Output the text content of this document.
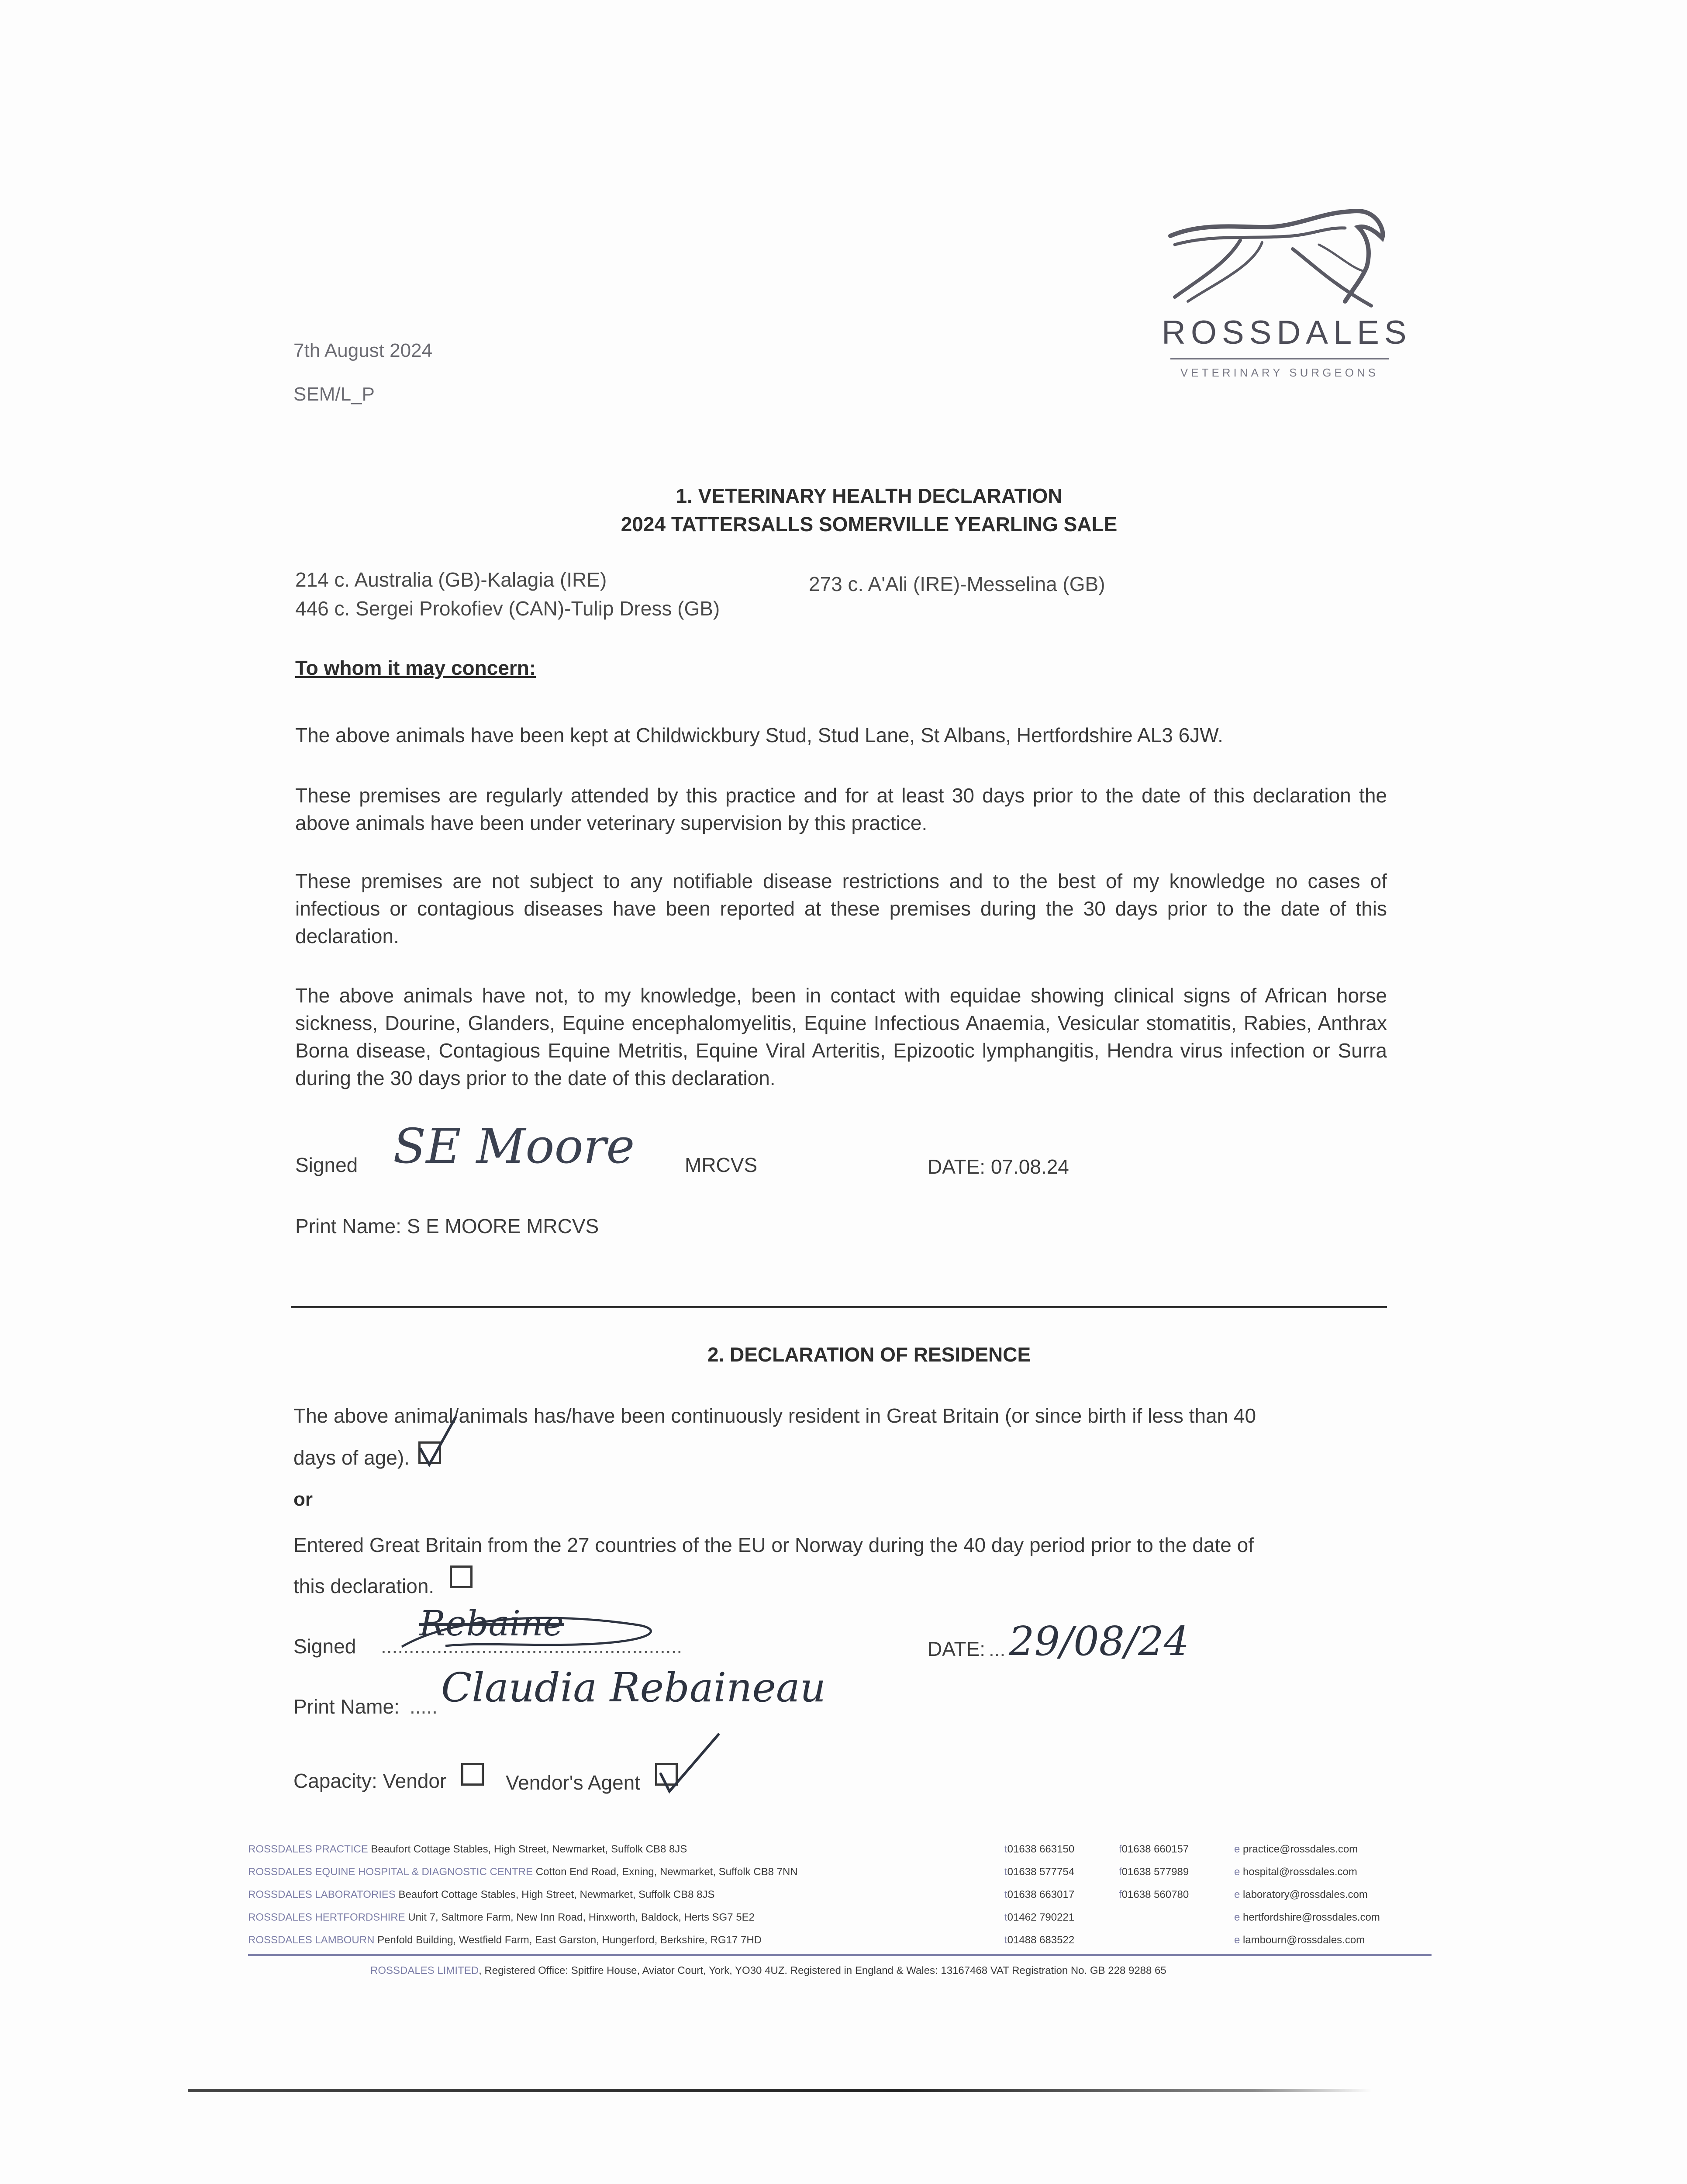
ROSSDALES
VETERINARY SURGEONS
7th August 2024
SEM/L_P
1. VETERINARY HEALTH DECLARATION
2024 TATTERSALLS SOMERVILLE YEARLING SALE
214 c. Australia (GB)-Kalagia (IRE)
446 c. Sergei Prokofiev (CAN)-Tulip Dress (GB)
273 c. A'Ali (IRE)-Messelina (GB)
To whom it may concern:
The above animals have been kept at Childwickbury Stud, Stud Lane, St Albans, Hertfordshire AL3 6JW.
These premises are regularly attended by this practice and for at least 30 days prior to the date of this declaration the above animals have been under veterinary supervision by this practice.
These premises are not subject to any notifiable disease restrictions and to the best of my knowledge no cases of infectious or contagious diseases have been reported at these premises during the 30 days prior to the date of this declaration.
The above animals have not, to my knowledge, been in contact with equidae showing clinical signs of African horse sickness, Dourine, Glanders, Equine encephalomyelitis, Equine Infectious Anaemia, Vesicular stomatitis, Rabies, Anthrax Borna disease, Contagious Equine Metritis, Equine Viral Arteritis, Epizootic lymphangitis, Hendra virus infection or Surra during the 30 days prior to the date of this declaration.
Signed SE Moore MRCVS	DATE: 07.08.24
Print Name: S E MOORE MRCVS
2. DECLARATION OF RESIDENCE
The above animal/animals has/have been continuously resident in Great Britain (or since birth if less than 40
days of age).
or
Entered Great Britain from the 27 countries of the EU or Norway during the 40 day period prior to the date of
this declaration.
Signed ......................................................
Rebaine
DATE: ... 29/08/24
Print Name: ..... Claudia Rebaineau
Capacity: Vendor	Vendor's Agent
ROSSDALES PRACTICE Beaufort Cottage Stables, High Street, Newmarket, Suffolk CB8 8JS
ROSSDALES EQUINE HOSPITAL & DIAGNOSTIC CENTRE Cotton End Road, Exning, Newmarket, Suffolk CB8 7NN
ROSSDALES LABORATORIES Beaufort Cottage Stables, High Street, Newmarket, Suffolk CB8 8JS
ROSSDALES HERTFORDSHIRE Unit 7, Saltmore Farm, New Inn Road, Hinxworth, Baldock, Herts SG7 5E2
ROSSDALES LAMBOURN Penfold Building, Westfield Farm, East Garston, Hungerford, Berkshire, RG17 7HD
t01638 663150
t01638 577754
t01638 663017
t01462 790221
t01488 683522
f01638 660157
f01638 577989
f01638 560780
e practice@rossdales.com
e hospital@rossdales.com
e laboratory@rossdales.com
e hertfordshire@rossdales.com
e lambourn@rossdales.com
ROSSDALES LIMITED, Registered Office: Spitfire House, Aviator Court, York, YO30 4UZ. Registered in England & Wales: 13167468 VAT Registration No. GB 228 9288 65
